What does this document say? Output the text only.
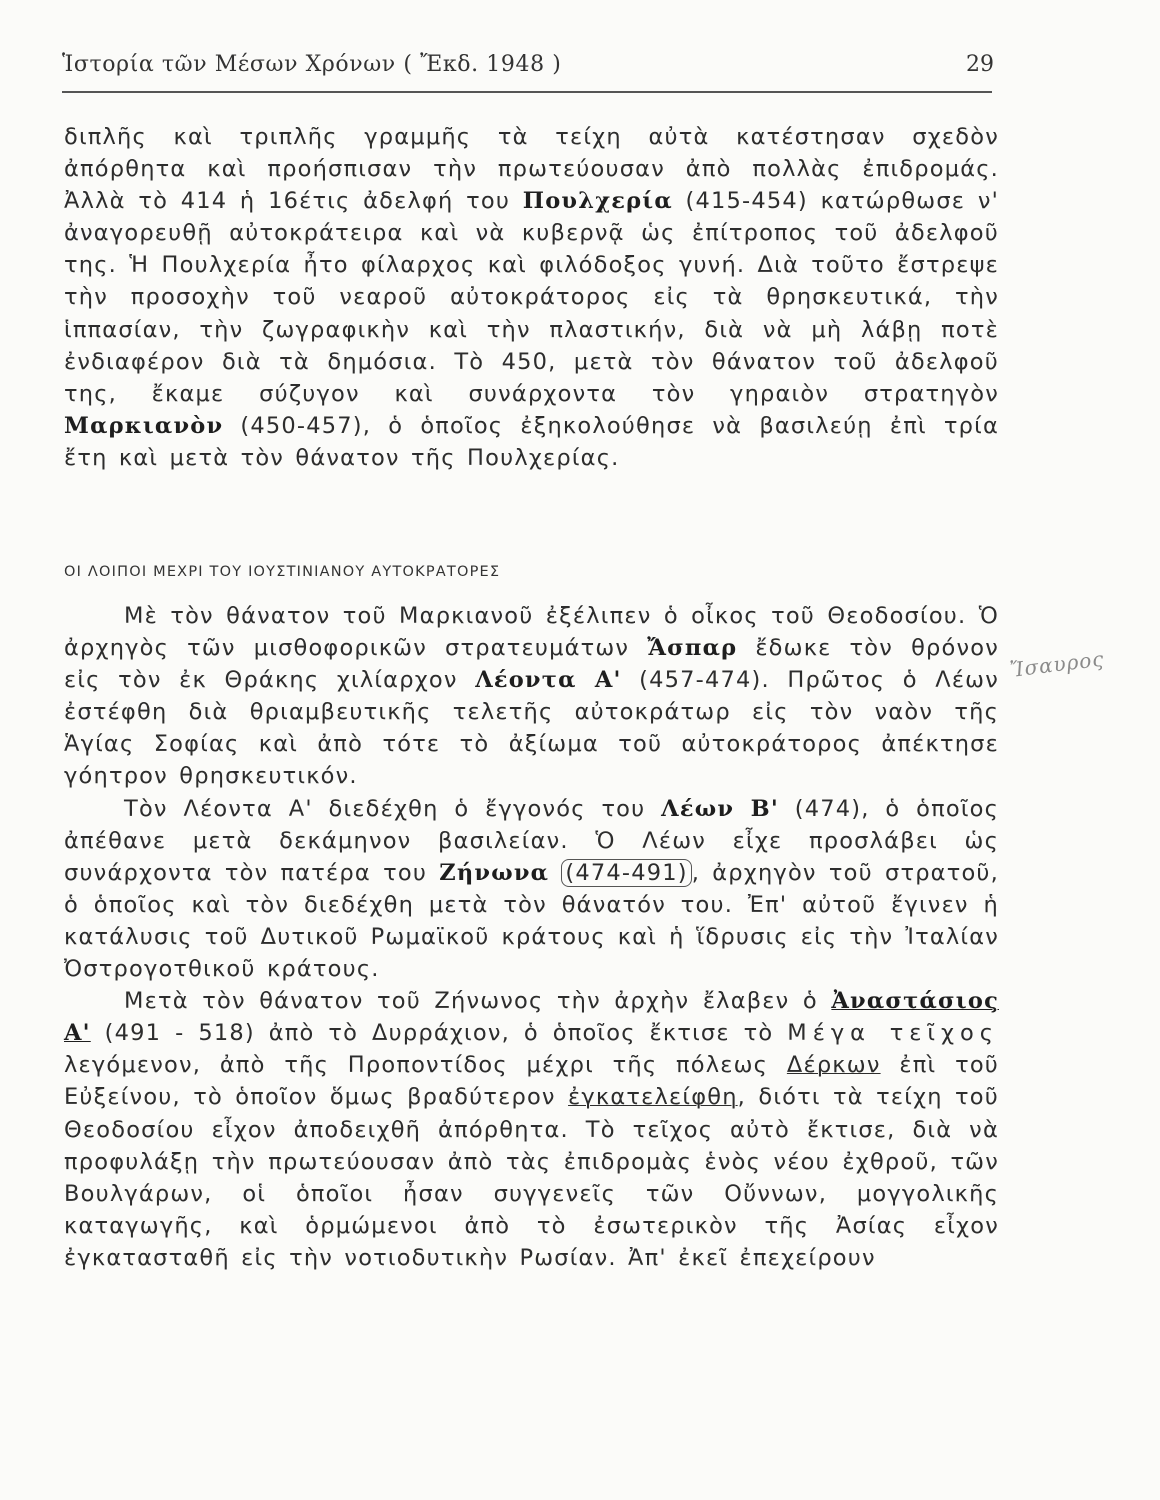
Ἱστορία τῶν Μέσων Χρόνων ( Ἔκδ. 1948 )	29

διπλῆς καὶ τριπλῆς γραμμῆς τὰ τείχη αὐτὰ κατέστησαν σχεδὸν ἀπόρθητα καὶ προήσπισαν τὴν πρωτεύουσαν ἀπὸ πολλὰς ἐπιδρομάς. Ἀλλὰ τὸ 414 ἡ 16έτις ἀδελφή του Πουλχερία (415-454) κατώρθωσε ν' ἀναγορευθῇ αὐτοκράτειρα καὶ νὰ κυβερνᾷ ὡς ἐπίτροπος τοῦ ἀδελφοῦ της. Ἡ Πουλχερία ἦτο φίλαρχος καὶ φιλόδοξος γυνή. Διὰ τοῦτο ἔστρεψε τὴν προσοχὴν τοῦ νεαροῦ αὐτοκράτορος εἰς τὰ θρησκευτικά, τὴν ἱππασίαν, τὴν ζωγραφικὴν καὶ τὴν πλαστικήν, διὰ νὰ μὴ λάβῃ ποτὲ ἐνδιαφέρον διὰ τὰ δημόσια. Τὸ 450, μετὰ τὸν θάνατον τοῦ ἀδελφοῦ της, ἔκαμε σύζυγον καὶ συνάρχοντα τὸν γηραιὸν στρατηγὸν Μαρκιανὸν (450-457), ὁ ὁποῖος ἐξηκολούθησε νὰ βασιλεύῃ ἐπὶ τρία ἔτη καὶ μετὰ τὸν θάνατον τῆς Πουλχερίας.

ΟΙ ΛΟΙΠΟΙ ΜΕΧΡΙ ΤΟΥ ΙΟΥΣΤΙΝΙΑΝΟΥ ΑΥΤΟΚΡΑΤΟΡΕΣ

Μὲ τὸν θάνατον τοῦ Μαρκιανοῦ ἐξέλιπεν ὁ οἶκος τοῦ Θεοδοσίου. Ὁ ἀρχηγὸς τῶν μισθοφορικῶν στρατευμάτων Ἄσπαρ ἔδωκε τὸν θρόνον εἰς τὸν ἐκ Θράκης χιλίαρχον Λέοντα Α' (457-474). Πρῶτος ὁ Λέων ἐστέφθη διὰ θριαμβευτικῆς τελετῆς αὐτοκράτωρ εἰς τὸν ναὸν τῆς Ἁγίας Σοφίας καὶ ἀπὸ τότε τὸ ἀξίωμα τοῦ αὐτοκράτορος ἀπέκτησε γόητρον θρησκευτικόν.

Τὸν Λέοντα Α' διεδέχθη ὁ ἔγγονός του Λέων Β' (474), ὁ ὁποῖος ἀπέθανε μετὰ δεκάμηνον βασιλείαν. Ὁ Λέων εἶχε προσλάβει ὡς συνάρχοντα τὸν πατέρα του Ζήνωνα (474-491) , ἀρχηγὸν τοῦ στρατοῦ, ὁ ὁποῖος καὶ τὸν διεδέχθη μετὰ τὸν θάνατόν του. Ἐπ' αὐτοῦ ἔγινεν ἡ κατάλυσις τοῦ Δυτικοῦ Ρωμαϊκοῦ κράτους καὶ ἡ ἵδρυσις εἰς τὴν Ἰταλίαν Ὀστρογοτθικοῦ κράτους.

Μετὰ τὸν θάνατον τοῦ Ζήνωνος τὴν ἀρχὴν ἔλαβεν ὁ Ἀναστάσιος Α' (491 - 518) ἀπὸ τὸ Δυρράχιον, ὁ ὁποῖος ἔκτισε τὸ Μέγα τεῖχος λεγόμενον, ἀπὸ τῆς Προποντίδος μέχρι τῆς πόλεως Δέρκων ἐπὶ τοῦ Εὐξείνου, τὸ ὁποῖον ὅμως βραδύτερον ἐγκατελείφθη, διότι τὰ τείχη τοῦ Θεοδοσίου εἶχον ἀποδειχθῆ ἀπόρθητα. Τὸ τεῖχος αὐτὸ ἔκτισε, διὰ νὰ προφυλάξῃ τὴν πρωτεύουσαν ἀπὸ τὰς ἐπιδρομὰς ἑνὸς νέου ἐχθροῦ, τῶν Βουλγάρων, οἱ ὁποῖοι ἦσαν συγγενεῖς τῶν Οὔννων, μογγολικῆς καταγωγῆς, καὶ ὁρμώμενοι ἀπὸ τὸ ἐσωτερικὸν τῆς Ἀσίας εἶχον ἐγκατασταθῆ εἰς τὴν νοτιοδυτικὴν Ρωσίαν. Ἀπ' ἐκεῖ ἐπεχείρουν

Ἴσαυρος
